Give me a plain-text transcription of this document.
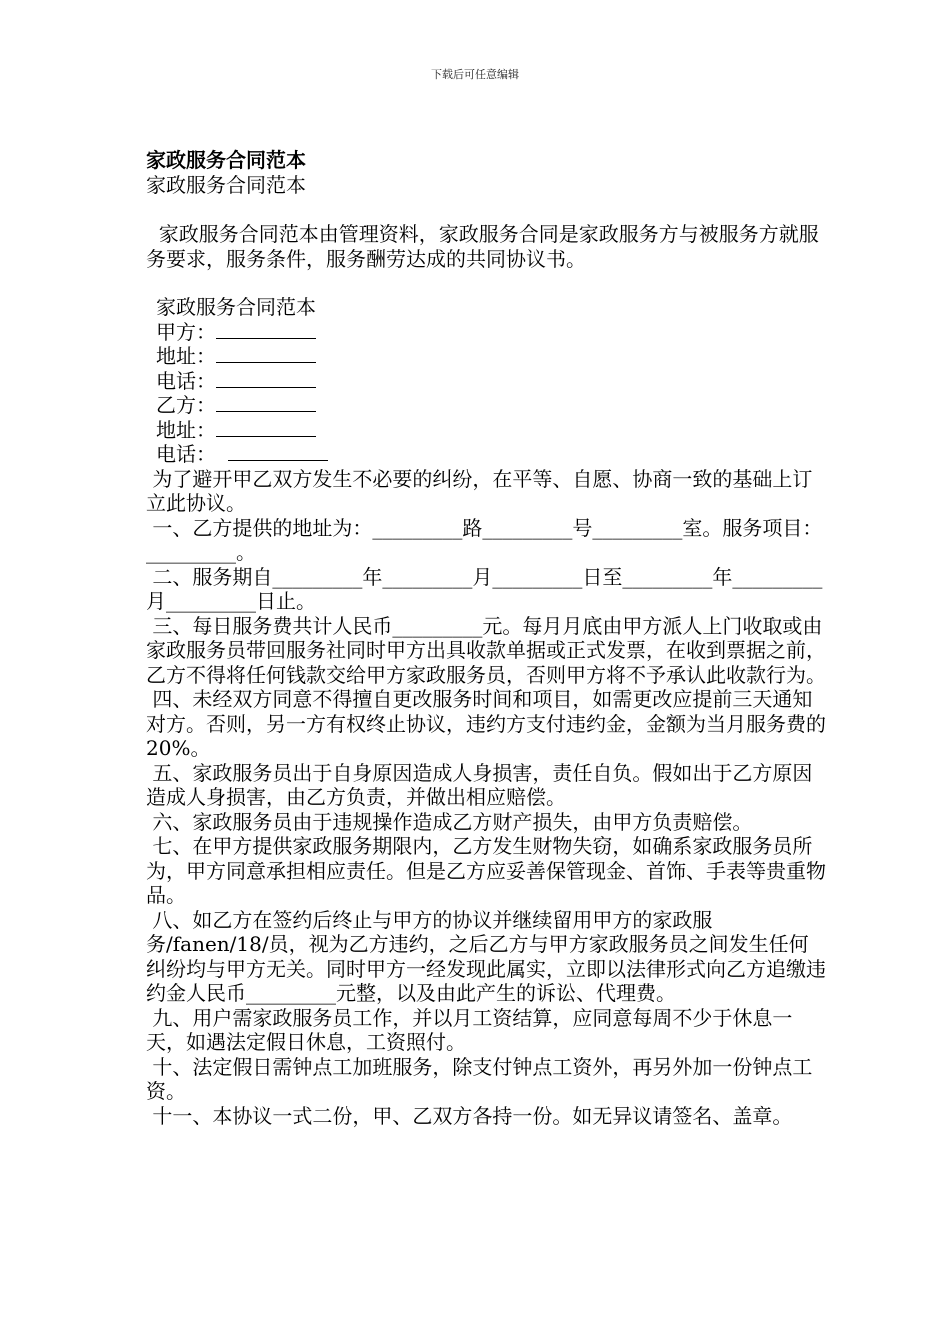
下载后可任意编辑

家政服务合同范本

家政服务合同范本

家政服务合同范本由管理资料，家政服务合同是家政服务方与被服务方就服务要求，服务条件，服务酬劳达成的共同协议书。

家政服务合同范本

甲方：

地址：

电话：

乙方：

地址：

电话：

为了避开甲乙双方发生不必要的纠纷，在平等、自愿、协商一致的基础上订立此协议。

一、乙方提供的地址为：_________路_________号_________室。服务项目：_________。

二、服务期自_________年_________月_________日至_________年_________月_________日止。

三、每日服务费共计人民币_________元。每月月底由甲方派人上门收取或由家政服务员带回服务社同时甲方出具收款单据或正式发票，在收到票据之前，乙方不得将任何钱款交给甲方家政服务员，否则甲方将不予承认此收款行为。

四、未经双方同意不得擅自更改服务时间和项目，如需更改应提前三天通知对方。否则，另一方有权终止协议，违约方支付违约金，金额为当月服务费的20%。

五、家政服务员出于自身原因造成人身损害，责任自负。假如出于乙方原因造成人身损害，由乙方负责，并做出相应赔偿。

六、家政服务员由于违规操作造成乙方财产损失，由甲方负责赔偿。

七、在甲方提供家政服务期限内，乙方发生财物失窃，如确系家政服务员所为，甲方同意承担相应责任。但是乙方应妥善保管现金、首饰、手表等贵重物品。

八、如乙方在签约后终止与甲方的协议并继续留用甲方的家政服务/fanen/18/员，视为乙方违约，之后乙方与甲方家政服务员之间发生任何纠纷均与甲方无关。同时甲方一经发现此属实，立即以法律形式向乙方追缴违约金人民币_________元整，以及由此产生的诉讼、代理费。

九、用户需家政服务员工作，并以月工资结算，应同意每周不少于休息一天，如遇法定假日休息，工资照付。

十、法定假日需钟点工加班服务，除支付钟点工资外，再另外加一份钟点工资。

十一、本协议一式二份，甲、乙双方各持一份。如无异议请签名、盖章。
